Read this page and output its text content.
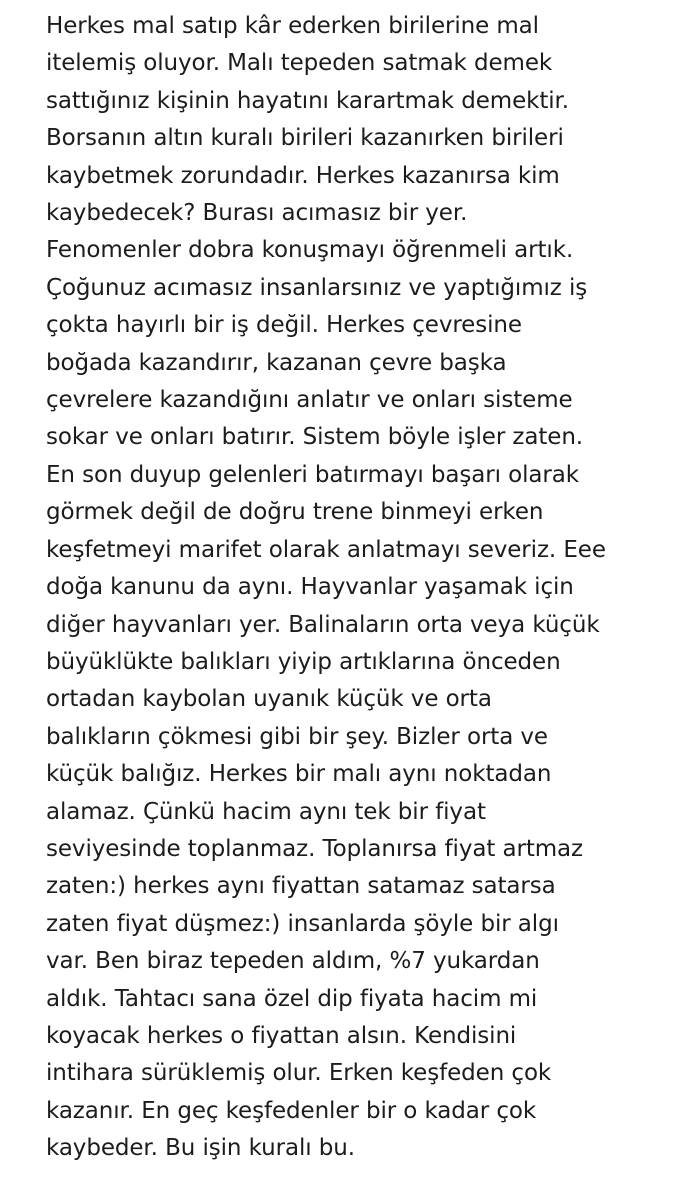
Herkes mal satıp kâr ederken birilerine mal
itelemiş oluyor. Malı tepeden satmak demek
sattığınız kişinin hayatını karartmak demektir.
Borsanın altın kuralı birileri kazanırken birileri
kaybetmek zorundadır. Herkes kazanırsa kim
kaybedecek? Burası acımasız bir yer.
Fenomenler dobra konuşmayı öğrenmeli artık.
Çoğunuz acımasız insanlarsınız ve yaptığımız iş
çokta hayırlı bir iş değil. Herkes çevresine
boğada kazandırır, kazanan çevre başka
çevrelere kazandığını anlatır ve onları sisteme
sokar ve onları batırır. Sistem böyle işler zaten.
En son duyup gelenleri batırmayı başarı olarak
görmek değil de doğru trene binmeyi erken
keşfetmeyi marifet olarak anlatmayı severiz. Eee
doğa kanunu da aynı. Hayvanlar yaşamak için
diğer hayvanları yer. Balinaların orta veya küçük
büyüklükte balıkları yiyip artıklarına önceden
ortadan kaybolan uyanık küçük ve orta
balıkların çökmesi gibi bir şey. Bizler orta ve
küçük balığız. Herkes bir malı aynı noktadan
alamaz. Çünkü hacim aynı tek bir fiyat
seviyesinde toplanmaz. Toplanırsa fiyat artmaz
zaten:) herkes aynı fiyattan satamaz satarsa
zaten fiyat düşmez:) insanlarda şöyle bir algı
var. Ben biraz tepeden aldım, %7 yukardan
aldık. Tahtacı sana özel dip fiyata hacim mi
koyacak herkes o fiyattan alsın. Kendisini
intihara sürüklemiş olur. Erken keşfeden çok
kazanır. En geç keşfedenler bir o kadar çok
kaybeder. Bu işin kuralı bu.
